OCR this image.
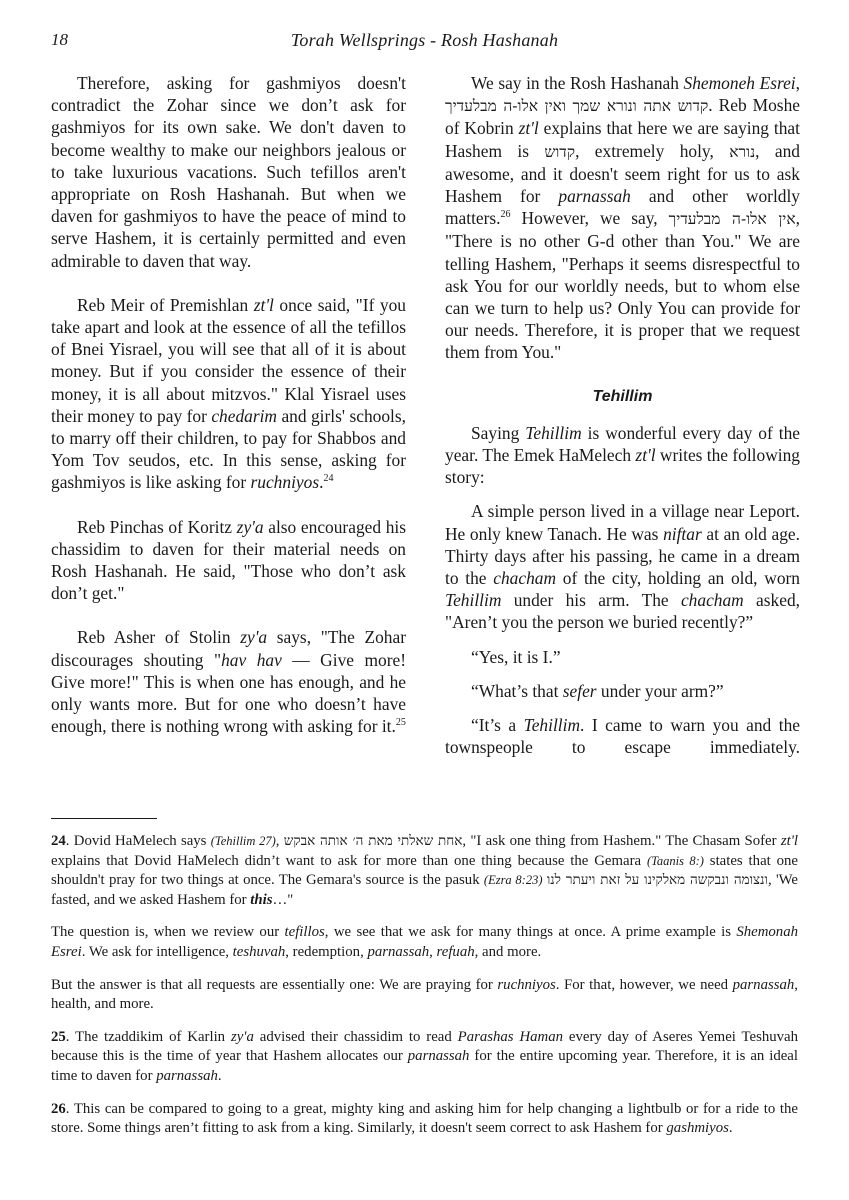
18	Torah Wellsprings - Rosh Hashanah

Therefore, asking for gashmiyos doesn't contradict the Zohar since we don’t ask for gashmiyos for its own sake. We don't daven to become wealthy to make our neighbors jealous or to take luxurious vacations. Such tefillos aren't appropriate on Rosh Hashanah. But when we daven for gashmiyos to have the peace of mind to serve Hashem, it is certainly permitted and even admirable to daven that way.

Reb Meir of Premishlan zt'l once said, "If you take apart and look at the essence of all the tefillos of Bnei Yisrael, you will see that all of it is about money. But if you consider the essence of their money, it is all about mitzvos." Klal Yisrael uses their money to pay for chedarim and girls' schools, to marry off their children, to pay for Shabbos and Yom Tov seudos, etc. In this sense, asking for gashmiyos is like asking for ruchniyos.$^{24}$

Reb Pinchas of Koritz zy'a also encouraged his chassidim to daven for their material needs on Rosh Hashanah. He said, "Those who don’t ask don’t get."

Reb Asher of Stolin zy'a says, "The Zohar discourages shouting "hav hav — Give more! Give more!" This is when one has enough, and he only wants more. But for one who doesn’t have enough, there is nothing wrong with asking for it.$^{25}$

We say in the Rosh Hashanah Shemoneh Esrei, קדוש אתה ונורא שמך ואין אלו-ה מבלעדיך. Reb Moshe of Kobrin zt'l explains that here we are saying that Hashem is קדוש, extremely holy, נורא, and awesome, and it doesn't seem right for us to ask Hashem for parnassah and other worldly matters.$^{26}$ However, we say, אין אלו-ה מבלעדיך, "There is no other G-d other than You." We are telling Hashem, "Perhaps it seems disrespectful to ask You for our worldly needs, but to whom else can we turn to help us? Only You can provide for our needs. Therefore, it is proper that we request them from You."

Tehillim

Saying Tehillim is wonderful every day of the year. The Emek HaMelech zt'l writes the following story:

A simple person lived in a village near Leport. He only knew Tanach. He was niftar at an old age. Thirty days after his passing, he came in a dream to the chacham of the city, holding an old, worn Tehillim under his arm. The chacham asked, "Aren’t you the person we buried recently?”

“Yes, it is I.”

“What’s that sefer under your arm?”

“It’s a Tehillim. I came to warn you and the townspeople to escape immediately.

24. Dovid HaMelech says (Tehillim 27), אחת שאלתי מאת ה׳ אותה אבקש, "I ask one thing from Hashem." The Chasam Sofer zt'l explains that Dovid HaMelech didn’t want to ask for more than one thing because the Gemara (Taanis 8:) states that one shouldn't pray for two things at once. The Gemara's source is the pasuk (Ezra 8:23) ונצומה ונבקשה מאלקינו על זאת ויעתר לנו, 'We fasted, and we asked Hashem for this…"

The question is, when we review our tefillos, we see that we ask for many things at once. A prime example is Shemonah Esrei. We ask for intelligence, teshuvah, redemption, parnassah, refuah, and more.

But the answer is that all requests are essentially one: We are praying for ruchniyos. For that, however, we need parnassah, health, and more.

25. The tzaddikim of Karlin zy'a advised their chassidim to read Parashas Haman every day of Aseres Yemei Teshuvah because this is the time of year that Hashem allocates our parnassah for the entire upcoming year. Therefore, it is an ideal time to daven for parnassah.

26. This can be compared to going to a great, mighty king and asking him for help changing a lightbulb or for a ride to the store. Some things aren’t fitting to ask from a king. Similarly, it doesn't seem correct to ask Hashem for gashmiyos.
